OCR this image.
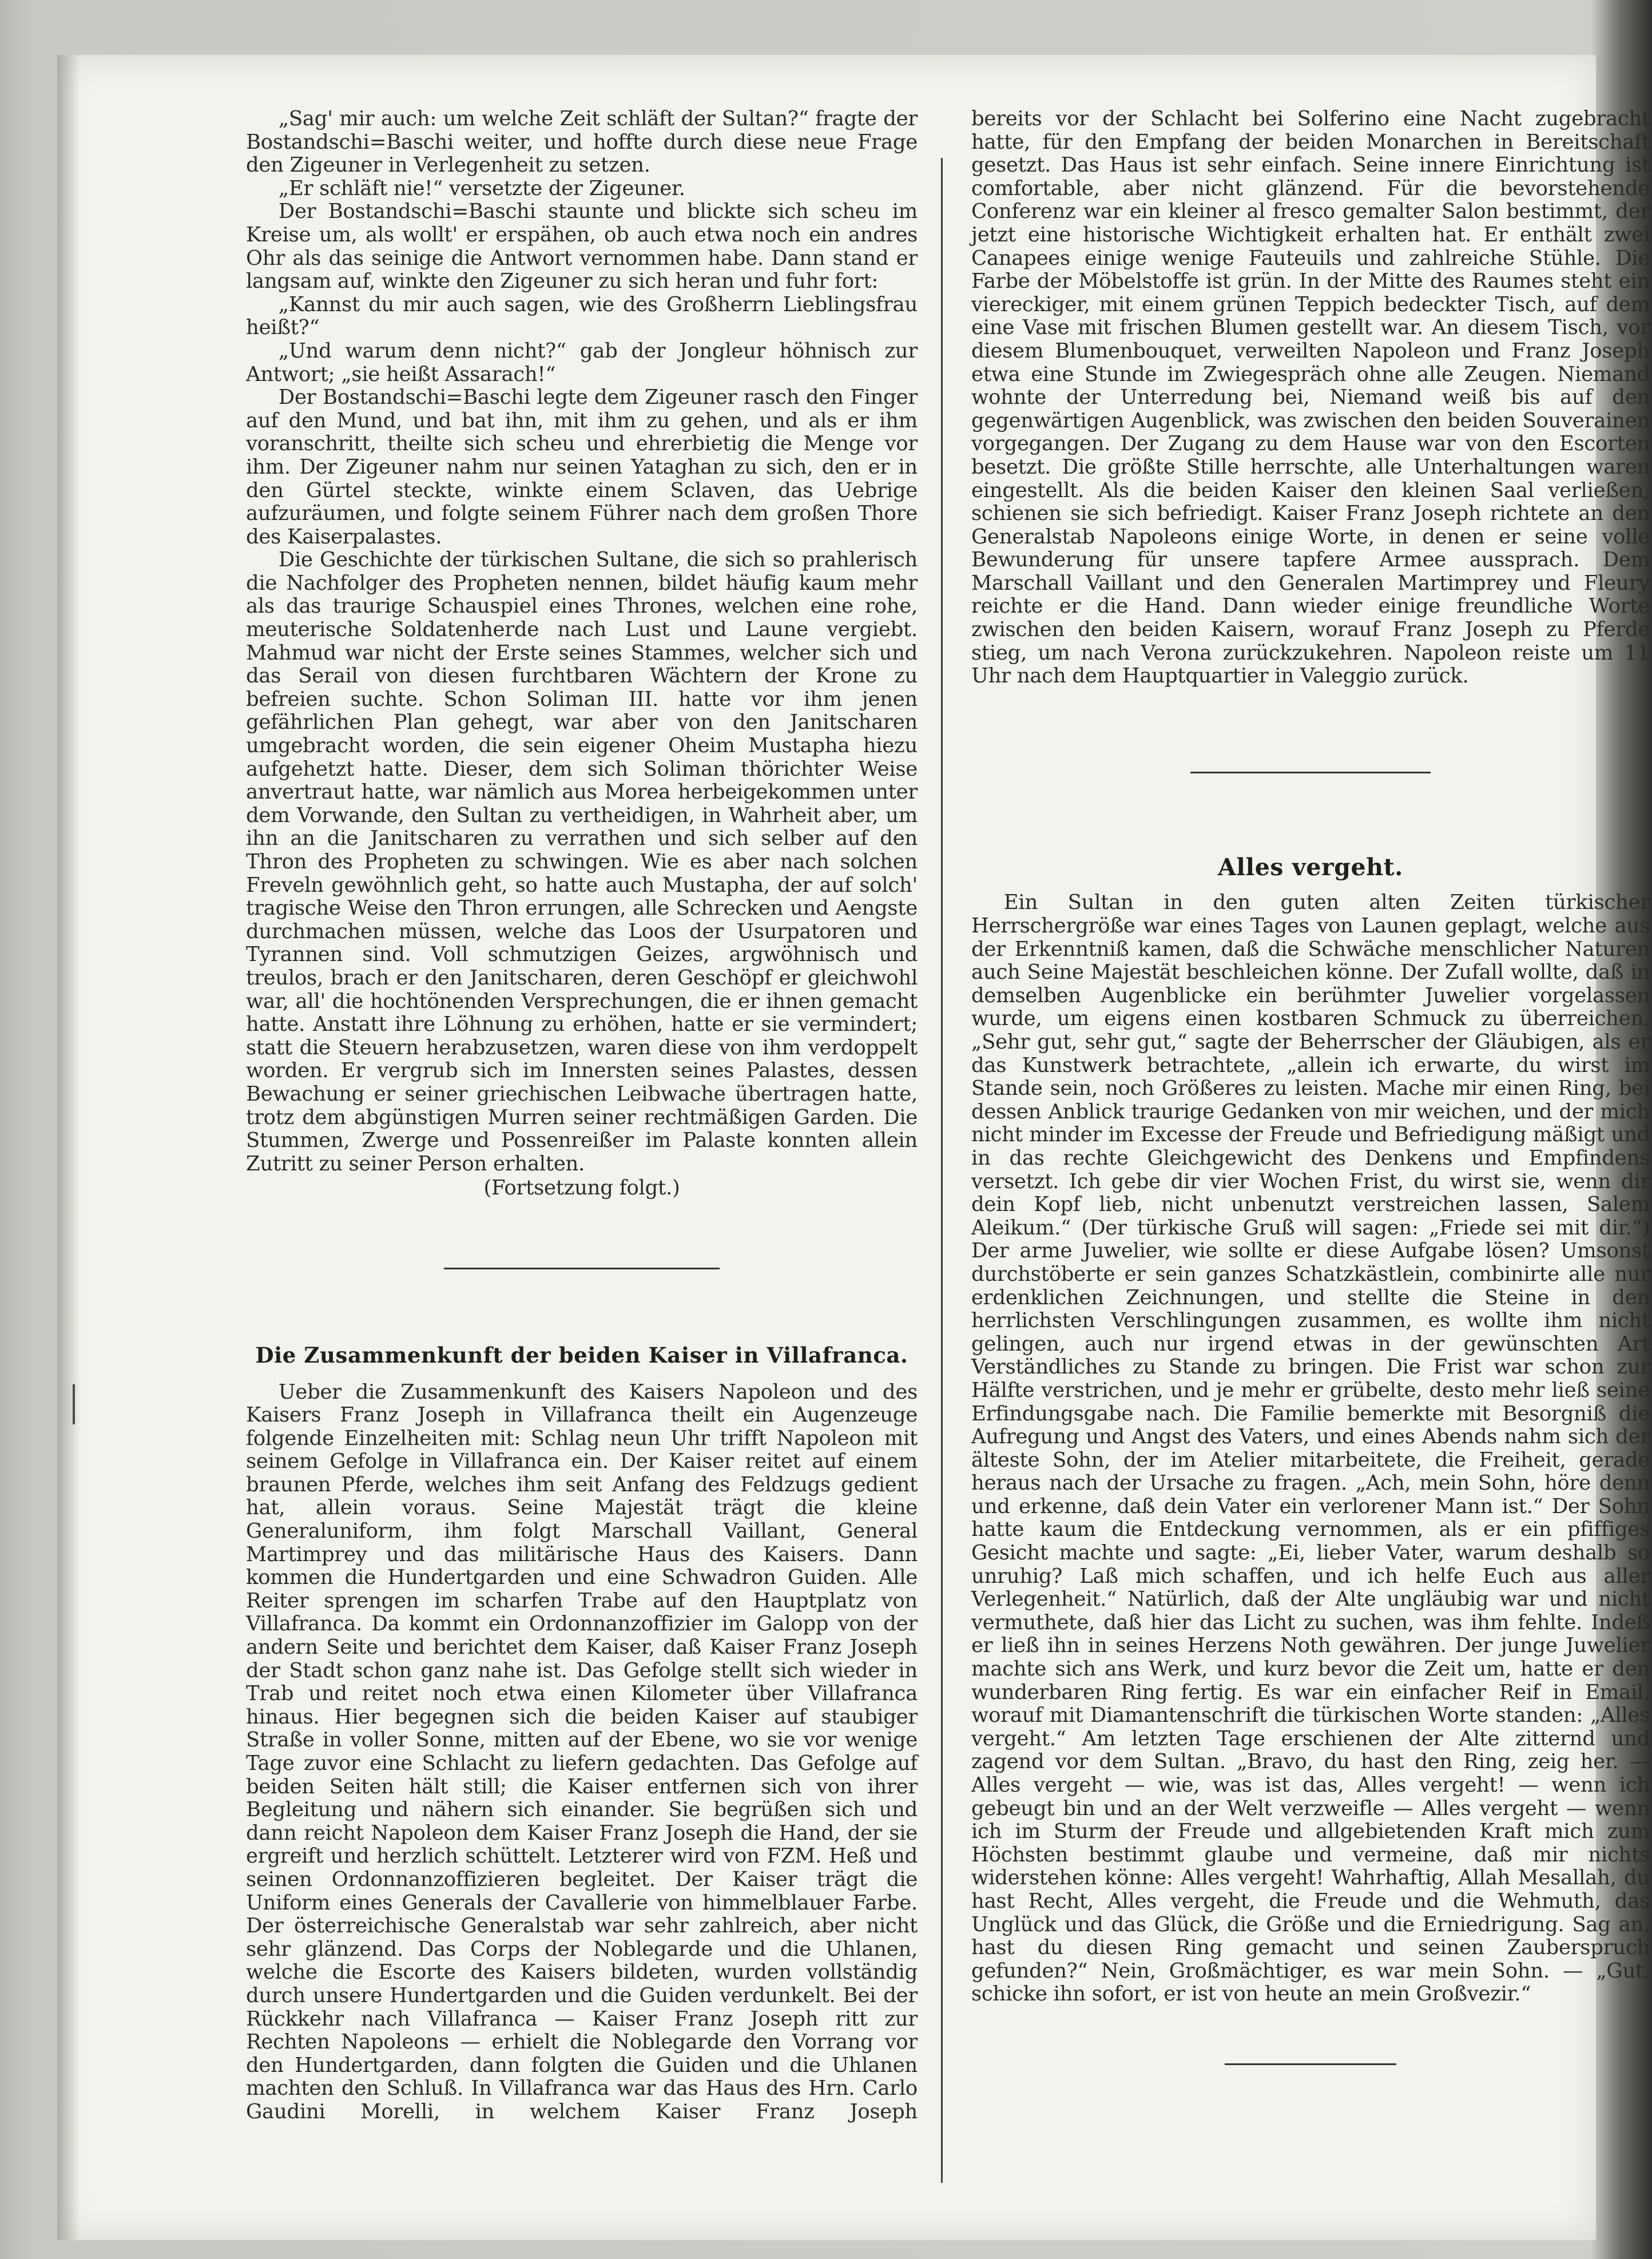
„Sag' mir auch: um welche Zeit schläft der Sultan?“ fragte der Bostandschi=Baschi weiter, und hoffte durch diese neue Frage den Zigeuner in Verlegenheit zu setzen.

„Er schläft nie!“ versetzte der Zigeuner.

Der Bostandschi=Baschi staunte und blickte sich scheu im Kreise um, als wollt' er erspähen, ob auch etwa noch ein andres Ohr als das seinige die Antwort vernommen habe. Dann stand er langsam auf, winkte den Zigeuner zu sich heran und fuhr fort:

„Kannst du mir auch sagen, wie des Großherrn Lieblingsfrau heißt?“

„Und warum denn nicht?“ gab der Jongleur höhnisch zur Antwort; „sie heißt Assarach!“

Der Bostandschi=Baschi legte dem Zigeuner rasch den Finger auf den Mund, und bat ihn, mit ihm zu gehen, und als er ihm voranschritt, theilte sich scheu und ehrerbietig die Menge vor ihm. Der Zigeuner nahm nur seinen Yataghan zu sich, den er in den Gürtel steckte, winkte einem Sclaven, das Uebrige aufzuräumen, und folgte seinem Führer nach dem großen Thore des Kaiserpalastes.

Die Geschichte der türkischen Sultane, die sich so prahlerisch die Nachfolger des Propheten nennen, bildet häufig kaum mehr als das traurige Schauspiel eines Thrones, welchen eine rohe, meuterische Soldatenherde nach Lust und Laune vergiebt. Mahmud war nicht der Erste seines Stammes, welcher sich und das Serail von diesen furchtbaren Wächtern der Krone zu befreien suchte. Schon Soliman III. hatte vor ihm jenen gefährlichen Plan gehegt, war aber von den Janitscharen umgebracht worden, die sein eigener Oheim Mustapha hiezu aufgehetzt hatte. Dieser, dem sich Soliman thörichter Weise anvertraut hatte, war nämlich aus Morea herbeigekommen unter dem Vorwande, den Sultan zu vertheidigen, in Wahrheit aber, um ihn an die Janitscharen zu verrathen und sich selber auf den Thron des Propheten zu schwingen. Wie es aber nach solchen Freveln gewöhnlich geht, so hatte auch Mustapha, der auf solch' tragische Weise den Thron errungen, alle Schrecken und Aengste durchmachen müssen, welche das Loos der Usurpatoren und Tyrannen sind. Voll schmutzigen Geizes, argwöhnisch und treulos, brach er den Janitscharen, deren Geschöpf er gleichwohl war, all' die hochtönenden Versprechungen, die er ihnen gemacht hatte. Anstatt ihre Löhnung zu erhöhen, hatte er sie vermindert; statt die Steuern herabzusetzen, waren diese von ihm verdoppelt worden. Er vergrub sich im Innersten seines Palastes, dessen Bewachung er seiner griechischen Leibwache übertragen hatte, trotz dem abgünstigen Murren seiner rechtmäßigen Garden. Die Stummen, Zwerge und Possenreißer im Palaste konnten allein Zutritt zu seiner Person erhalten.

(Fortsetzung folgt.)

Die Zusammenkunft der beiden Kaiser in Villafranca.

Ueber die Zusammenkunft des Kaisers Napoleon und des Kaisers Franz Joseph in Villafranca theilt ein Augenzeuge folgende Einzelheiten mit: Schlag neun Uhr trifft Napoleon mit seinem Gefolge in Villafranca ein. Der Kaiser reitet auf einem braunen Pferde, welches ihm seit Anfang des Feldzugs gedient hat, allein voraus. Seine Majestät trägt die kleine Generaluniform, ihm folgt Marschall Vaillant, General Martimprey und das militärische Haus des Kaisers. Dann kommen die Hundertgarden und eine Schwadron Guiden. Alle Reiter sprengen im scharfen Trabe auf den Hauptplatz von Villafranca. Da kommt ein Ordonnanzoffizier im Galopp von der andern Seite und berichtet dem Kaiser, daß Kaiser Franz Joseph der Stadt schon ganz nahe ist. Das Gefolge stellt sich wieder in Trab und reitet noch etwa einen Kilometer über Villafranca hinaus. Hier begegnen sich die beiden Kaiser auf staubiger Straße in voller Sonne, mitten auf der Ebene, wo sie vor wenige Tage zuvor eine Schlacht zu liefern gedachten. Das Gefolge auf beiden Seiten hält still; die Kaiser entfernen sich von ihrer Begleitung und nähern sich einander. Sie begrüßen sich und dann reicht Napoleon dem Kaiser Franz Joseph die Hand, der sie ergreift und herzlich schüttelt. Letzterer wird von FZM. Heß und seinen Ordonnanzoffizieren begleitet. Der Kaiser trägt die Uniform eines Generals der Cavallerie von himmelblauer Farbe. Der österreichische Generalstab war sehr zahlreich, aber nicht sehr glänzend. Das Corps der Noblegarde und die Uhlanen, welche die Escorte des Kaisers bildeten, wurden vollständig durch unsere Hundertgarden und die Guiden verdunkelt. Bei der Rückkehr nach Villafranca — Kaiser Franz Joseph ritt zur Rechten Napoleons — erhielt die Noblegarde den Vorrang vor den Hundertgarden, dann folgten die Guiden und die Uhlanen machten den Schluß. In Villafranca war das Haus des Hrn. Carlo Gaudini Morelli, in welchem Kaiser Franz Joseph

bereits vor der Schlacht bei Solferino eine Nacht zugebracht hatte, für den Empfang der beiden Monarchen in Bereitschaft gesetzt. Das Haus ist sehr einfach. Seine innere Einrichtung ist comfortable, aber nicht glänzend. Für die bevorstehende Conferenz war ein kleiner al fresco gemalter Salon bestimmt, der jetzt eine historische Wichtigkeit erhalten hat. Er enthält zwei Canapees einige wenige Fauteuils und zahlreiche Stühle. Die Farbe der Möbelstoffe ist grün. In der Mitte des Raumes steht ein viereckiger, mit einem grünen Teppich bedeckter Tisch, auf dem eine Vase mit frischen Blumen gestellt war. An diesem Tisch, vor diesem Blumenbouquet, verweilten Napoleon und Franz Joseph etwa eine Stunde im Zwiegespräch ohne alle Zeugen. Niemand wohnte der Unterredung bei, Niemand weiß bis auf den gegenwärtigen Augenblick, was zwischen den beiden Souverainen vorgegangen. Der Zugang zu dem Hause war von den Escorten besetzt. Die größte Stille herrschte, alle Unterhaltungen waren eingestellt. Als die beiden Kaiser den kleinen Saal verließen, schienen sie sich befriedigt. Kaiser Franz Joseph richtete an den Generalstab Napoleons einige Worte, in denen er seine volle Bewunderung für unsere tapfere Armee aussprach. Dem Marschall Vaillant und den Generalen Martimprey und Fleury reichte er die Hand. Dann wieder einige freundliche Worte zwischen den beiden Kaisern, worauf Franz Joseph zu Pferde stieg, um nach Verona zurückzukehren. Napoleon reiste um 11 Uhr nach dem Hauptquartier in Valeggio zurück.

Alles vergeht.

Ein Sultan in den guten alten Zeiten türkischer Herrschergröße war eines Tages von Launen geplagt, welche aus der Erkenntniß kamen, daß die Schwäche menschlicher Naturen auch Seine Majestät beschleichen könne. Der Zufall wollte, daß in demselben Augenblicke ein berühmter Juwelier vorgelassen wurde, um eigens einen kostbaren Schmuck zu überreichen. „Sehr gut, sehr gut,“ sagte der Beherrscher der Gläubigen, als er das Kunstwerk betrachtete, „allein ich erwarte, du wirst im Stande sein, noch Größeres zu leisten. Mache mir einen Ring, bei dessen Anblick traurige Gedanken von mir weichen, und der mich nicht minder im Excesse der Freude und Befriedigung mäßigt und in das rechte Gleichgewicht des Denkens und Empfindens versetzt. Ich gebe dir vier Wochen Frist, du wirst sie, wenn dir dein Kopf lieb, nicht unbenutzt verstreichen lassen, Salem Aleikum.“ (Der türkische Gruß will sagen: „Friede sei mit dir.“) Der arme Juwelier, wie sollte er diese Aufgabe lösen? Umsonst durchstöberte er sein ganzes Schatzkästlein, combinirte alle nur erdenklichen Zeichnungen, und stellte die Steine in den herrlichsten Verschlingungen zusammen, es wollte ihm nicht gelingen, auch nur irgend etwas in der gewünschten Art Verständliches zu Stande zu bringen. Die Frist war schon zur Hälfte verstrichen, und je mehr er grübelte, desto mehr ließ seine Erfindungsgabe nach. Die Familie bemerkte mit Besorgniß die Aufregung und Angst des Vaters, und eines Abends nahm sich der älteste Sohn, der im Atelier mitarbeitete, die Freiheit, gerade heraus nach der Ursache zu fragen. „Ach, mein Sohn, höre denn und erkenne, daß dein Vater ein verlorener Mann ist.“ Der Sohn hatte kaum die Entdeckung vernommen, als er ein pfiffiges Gesicht machte und sagte: „Ei, lieber Vater, warum deshalb so unruhig? Laß mich schaffen, und ich helfe Euch aus aller Verlegenheit.“ Natürlich, daß der Alte ungläubig war und nicht vermuthete, daß hier das Licht zu suchen, was ihm fehlte. Indeß er ließ ihn in seines Herzens Noth gewähren. Der junge Juwelier machte sich ans Werk, und kurz bevor die Zeit um, hatte er den wunderbaren Ring fertig. Es war ein einfacher Reif in Email, worauf mit Diamantenschrift die türkischen Worte standen: „Alles vergeht.“ Am letzten Tage erschienen der Alte zitternd und zagend vor dem Sultan. „Bravo, du hast den Ring, zeig her. — Alles vergeht — wie, was ist das, Alles vergeht! — wenn ich gebeugt bin und an der Welt verzweifle — Alles vergeht — wenn ich im Sturm der Freude und allgebietenden Kraft mich zum Höchsten bestimmt glaube und vermeine, daß mir nichts widerstehen könne: Alles vergeht! Wahrhaftig, Allah Mesallah, du hast Recht, Alles vergeht, die Freude und die Wehmuth, das Unglück und das Glück, die Größe und die Erniedrigung. Sag an, hast du diesen Ring gemacht und seinen Zauberspruch gefunden?“ Nein, Großmächtiger, es war mein Sohn. — „Gut, schicke ihn sofort, er ist von heute an mein Großvezir.“
